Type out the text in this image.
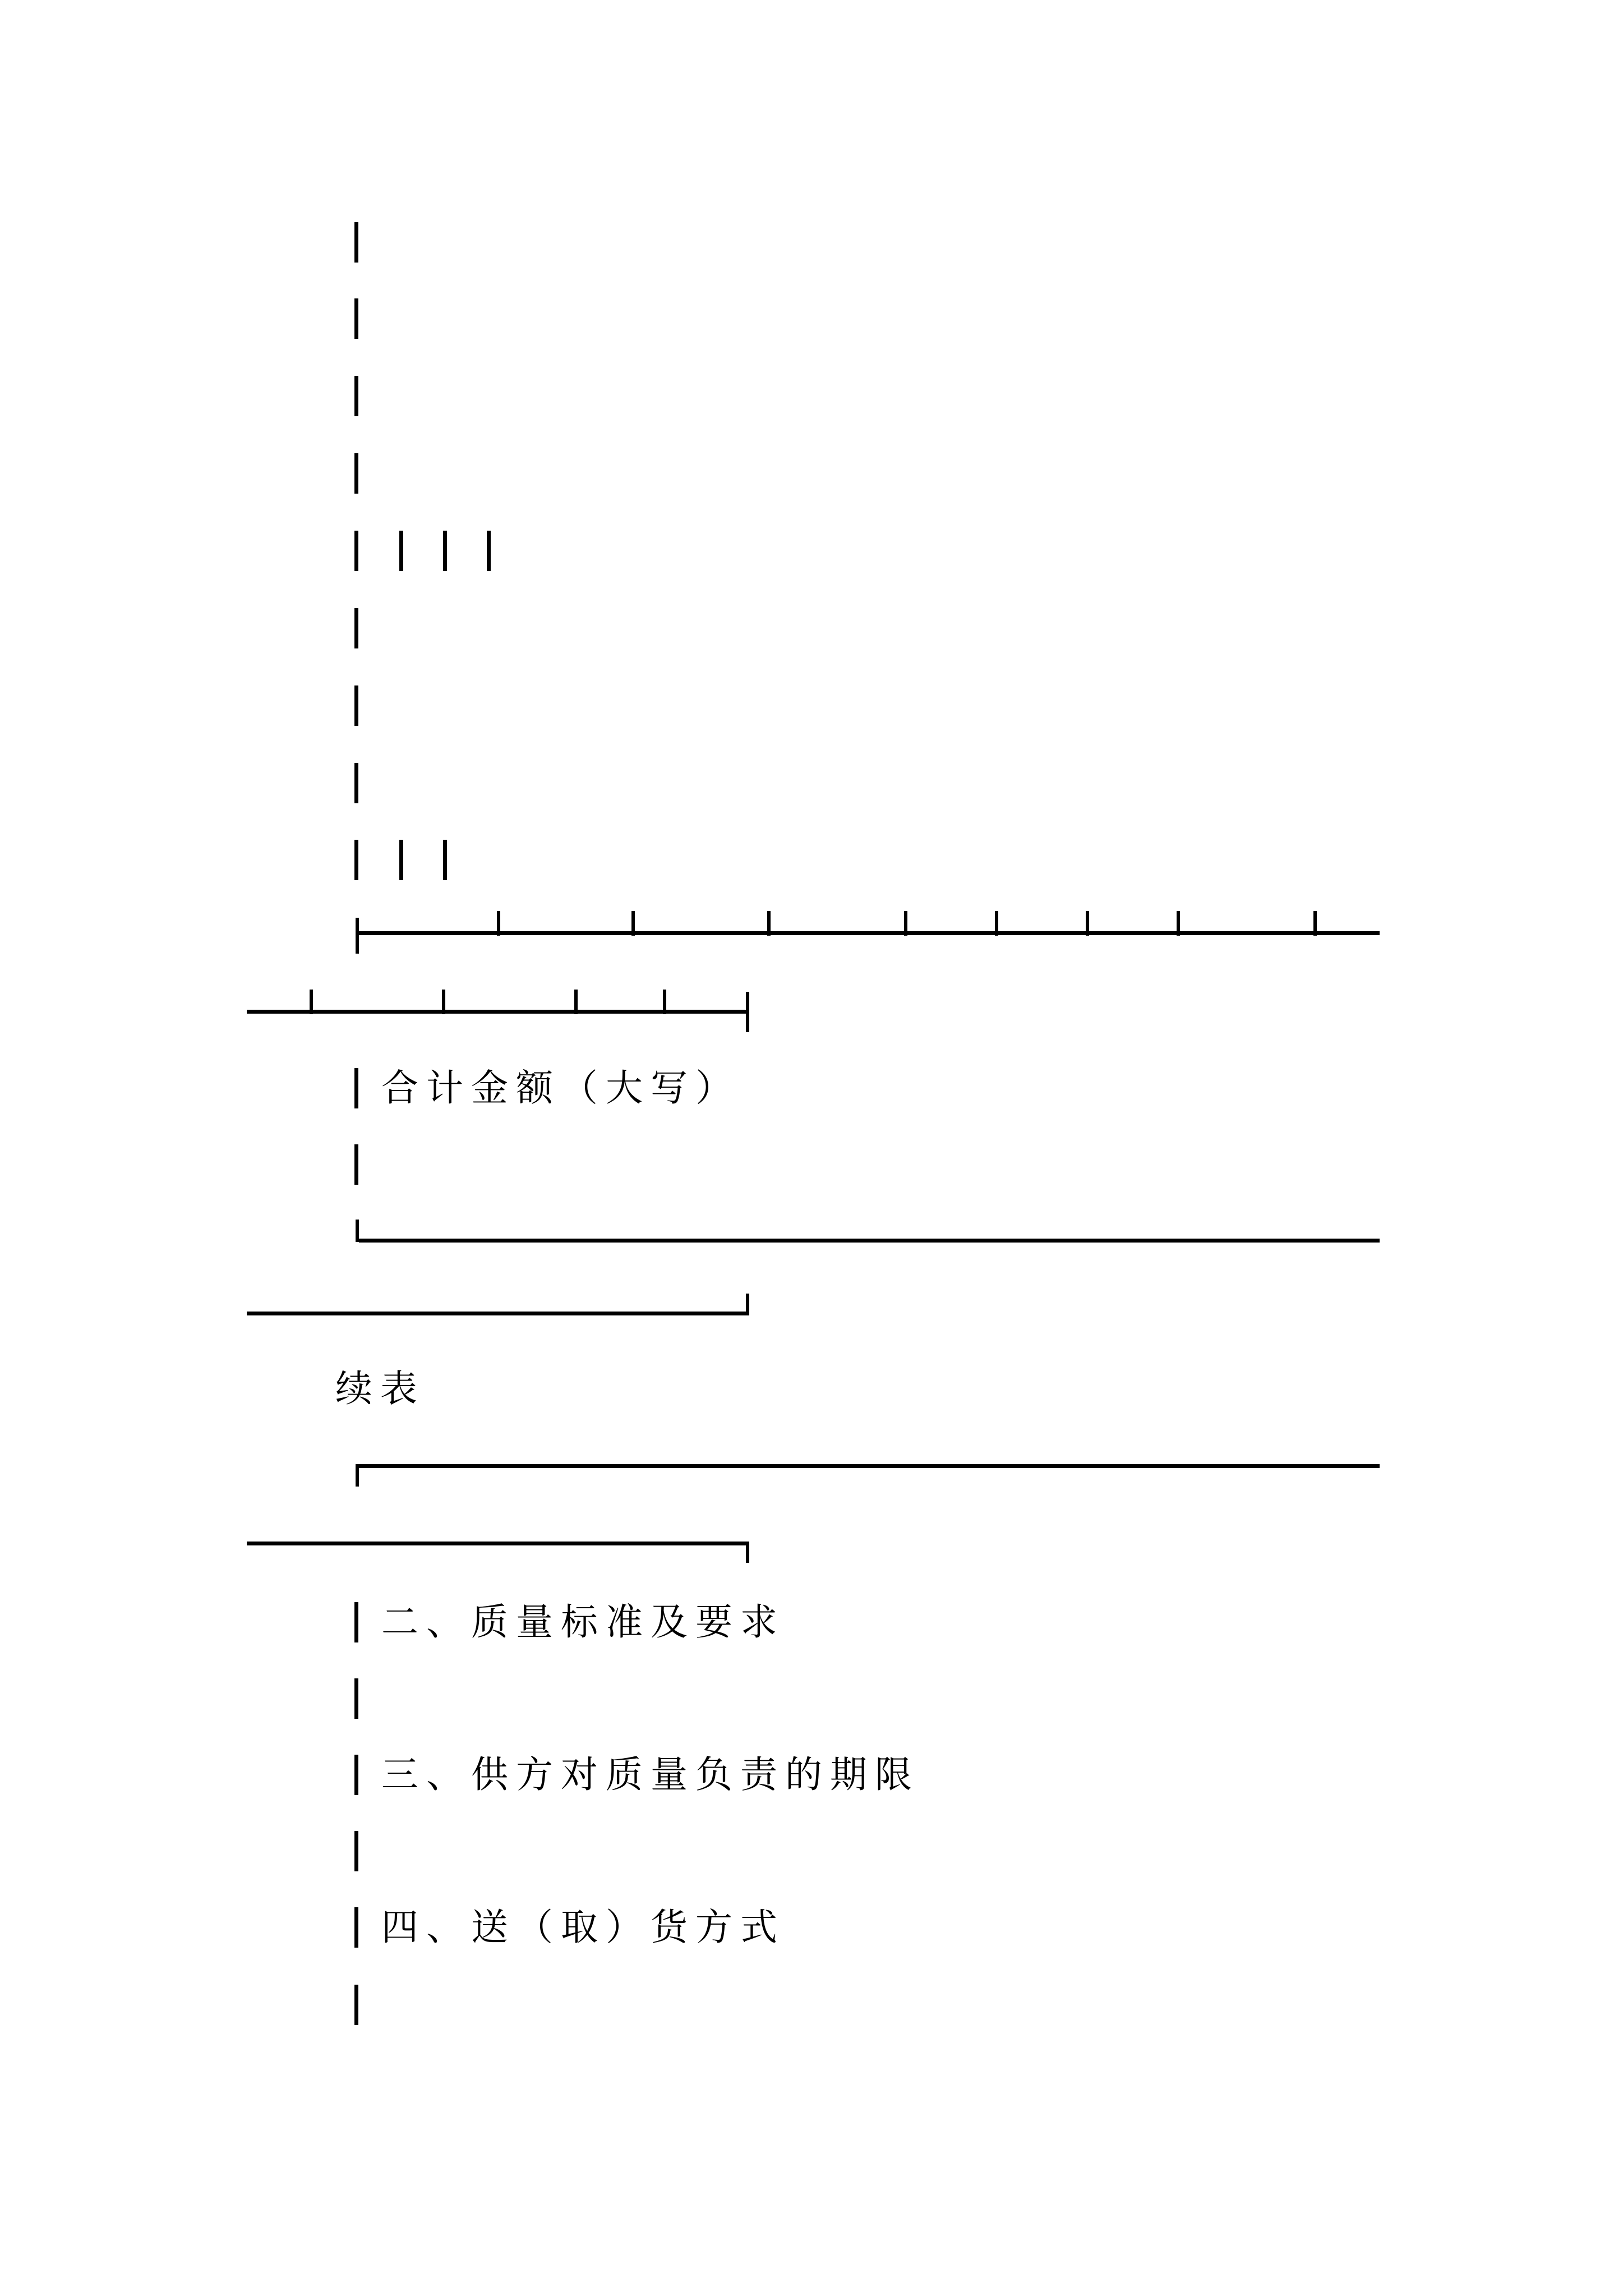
合计金额（大写）
续表
二、质量标准及要求
三、供方对质量负责的期限
四、送（取）货方式
